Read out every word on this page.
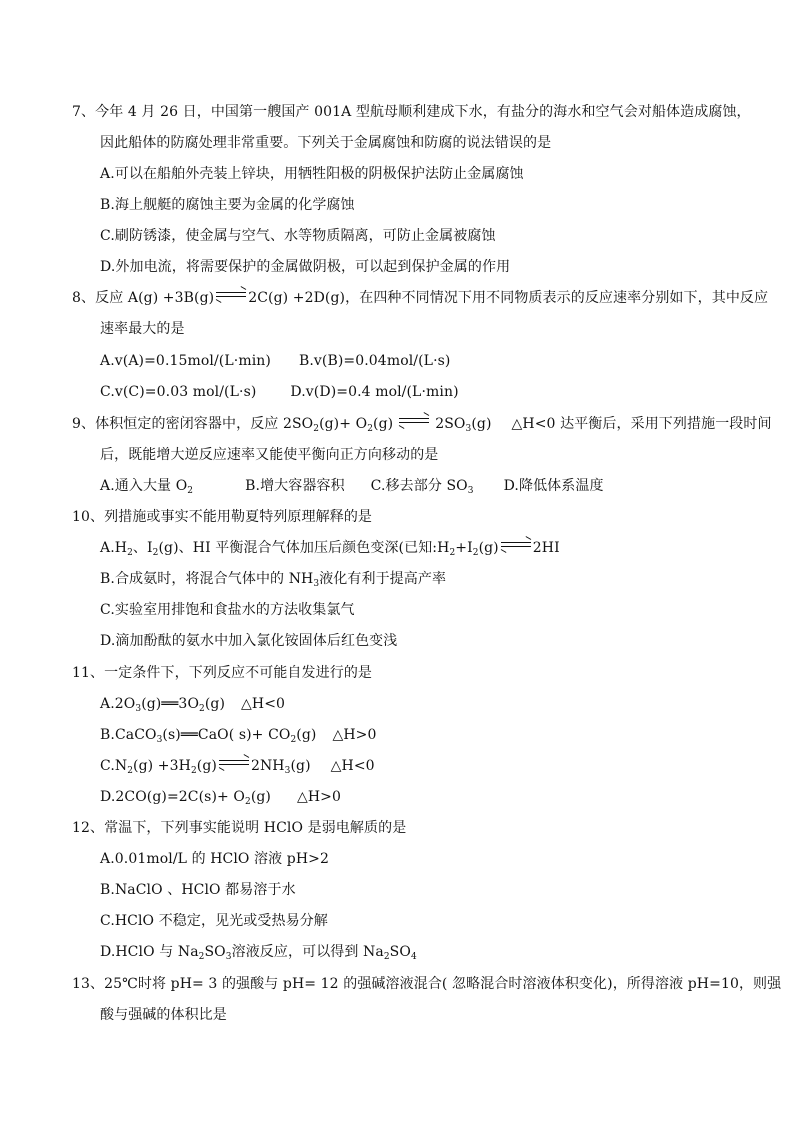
7、今年 4 月 26 日，中国第一艘国产 001A 型航母顺利建成下水，有盐分的海水和空气会对船体造成腐蚀，
因此船体的防腐处理非常重要。下列关于金属腐蚀和防腐的说法错误的是
A.可以在船舶外壳装上锌块，用牺牲阳极的阴极保护法防止金属腐蚀
B.海上舰艇的腐蚀主要为金属的化学腐蚀
C.刷防锈漆，使金属与空气、水等物质隔离，可防止金属被腐蚀
D.外加电流，将需要保护的金属做阴极，可以起到保护金属的作用
8、反应 A(g) +3B(g) 2C(g) +2D(g)，在四种不同情况下用不同物质表示的反应速率分别如下，其中反应
速率最大的是
A.v(A)=0.15mol/(L·min) B.v(B)=0.04mol/(L·s)
C.v(C)=0.03 mol/(L·s) D.v(D)=0.4 mol/(L·min)
9、体积恒定的密闭容器中，反应 $2SO_2(g)+ O_2(g)$	$2SO_3(g)$ △H<0 达平衡后，采用下列措施一段时间
后，既能增大逆反应速率又能使平衡向正方向移动的是
A.通入大量 $O_2$	B.增大容器容积 C.移去部分 $SO_3$ D.降低体系温度
10、列措施或事实不能用勒夏特列原理解释的是
$A.H_2$、$I_2(g)$、HI 平衡混合气体加压后颜色变深(已知$:H_2+I_2(g)$ 2HI
B.合成氨时，将混合气体中的 $NH_3$液化有利于提高产率
C.实验室用排饱和食盐水的方法收集氯气
D.滴加酚酞的氨水中加入氯化铵固体后红色变浅
11、一定条件下，下列反应不可能自发进行的是
$A.2O_3(g)══3O_2(g)$ △H<0
B.CaCO$_3$(s)══CaO( $s)+ CO_2(g)$ △H>0
$C.N_2(g) +3H_2(g)$ $2NH_3(g)$ △H<0
$D.2CO(g)=2C(s)+ O_2(g)$ △H>0
12、常温下，下列事实能说明 HClO 是弱电解质的是
A.0.01mol/L 的 HClO 溶液 pH>2
B.NaClO 、HClO 都易溶于水
C.HClO 不稳定，见光或受热易分解
D.HClO 与 $Na_2SO_3$溶液反应，可以得到 $Na_2SO_4$
13、25℃时将 pH= 3 的强酸与 pH= 12 的强碱溶液混合( 忽略混合时溶液体积变化)，所得溶液 pH=10，则强
酸与强碱的体积比是
